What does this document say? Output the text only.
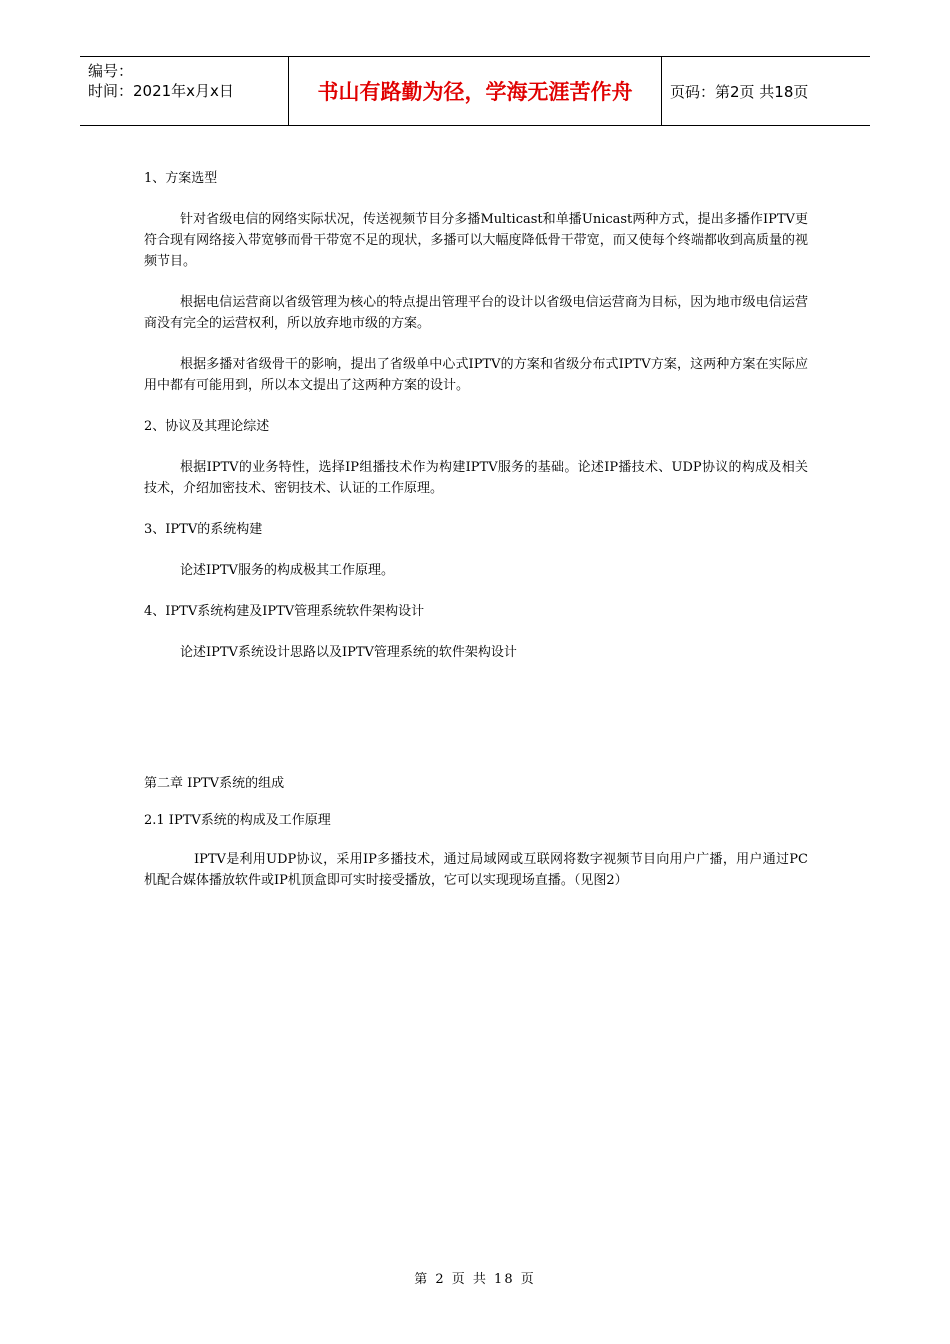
编号：
时间：2021年x月x日	书山有路勤为径，学海无涯苦作舟	页码：第2页 共18页
1、方案选型
针对省级电信的网络实际状况，传送视频节目分多播Multicast和单播Unicast两种方式，提出多播作IPTV更符合现有网络接入带宽够而骨干带宽不足的现状，多播可以大幅度降低骨干带宽，而又使每个终端都收到高质量的视频节目。
根据电信运营商以省级管理为核心的特点提出管理平台的设计以省级电信运营商为目标，因为地市级电信运营商没有完全的运营权利，所以放弃地市级的方案。
根据多播对省级骨干的影响，提出了省级单中心式IPTV的方案和省级分布式IPTV方案，这两种方案在实际应用中都有可能用到，所以本文提出了这两种方案的设计。
2、协议及其理论综述
根据IPTV的业务特性，选择IP组播技术作为构建IPTV服务的基础。论述IP播技术、UDP协议的构成及相关技术，介绍加密技术、密钥技术、认证的工作原理。
3、IPTV的系统构建
论述IPTV服务的构成极其工作原理。
4、IPTV系统构建及IPTV管理系统软件架构设计
论述IPTV系统设计思路以及IPTV管理系统的软件架构设计
第二章 IPTV系统的组成
2.1 IPTV系统的构成及工作原理
IPTV是利用UDP协议，采用IP多播技术，通过局域网或互联网将数字视频节目向用户广播，用户通过PC机配合媒体播放软件或IP机顶盒即可实时接受播放，它可以实现现场直播。（见图2）
第 2 页 共 18 页
